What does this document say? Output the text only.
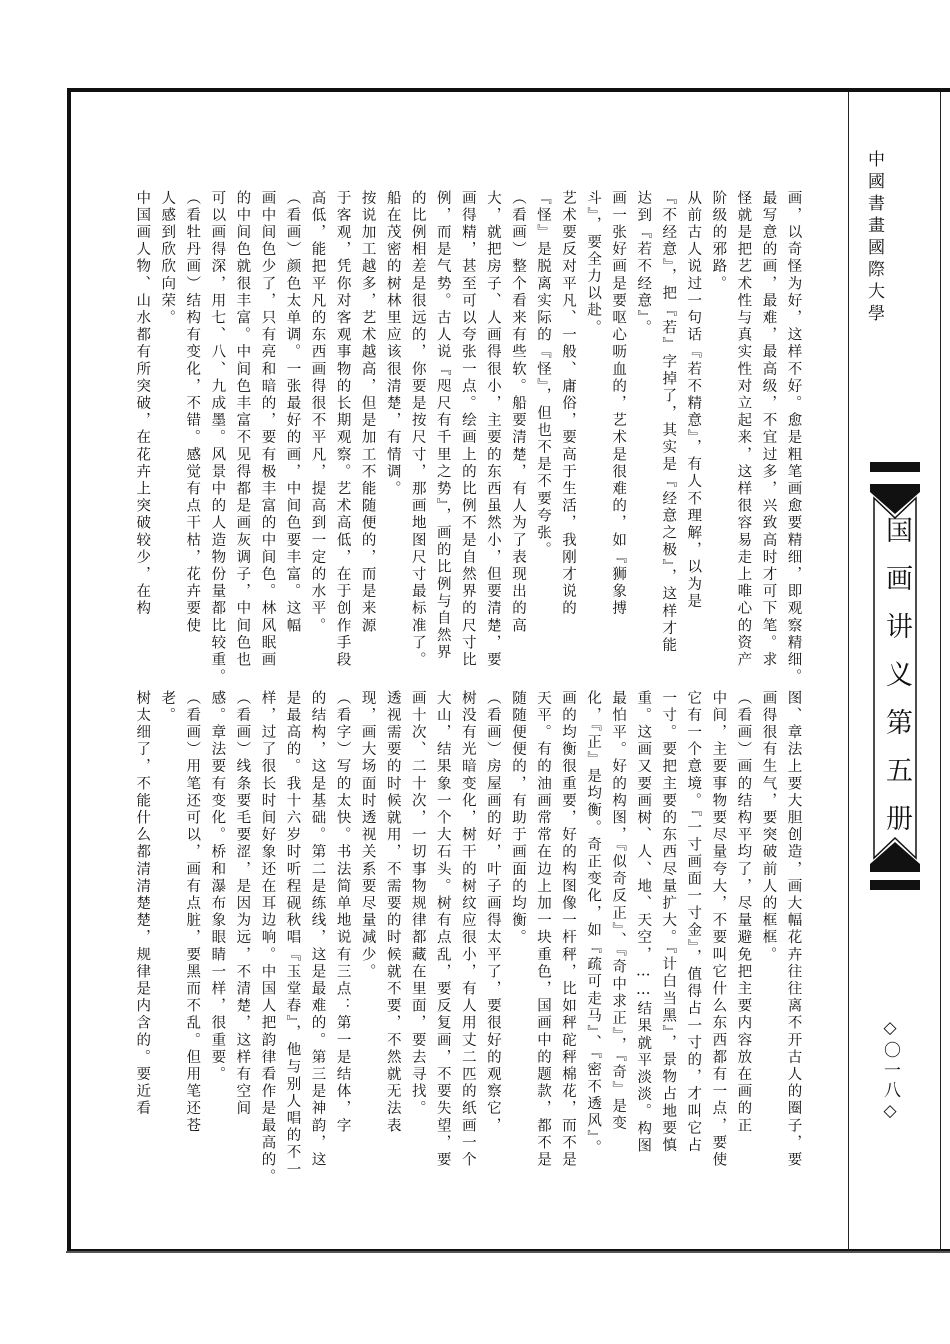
中國書畫國際大學
国画讲义第五册
◇〇一八◇
画，以奇怪为好，这样不好。愈是粗笔画愈要精细，即观察精细。
最写意的画，最难，最高级，不宜过多，兴致高时才可下笔。求
怪就是把艺术性与真实性对立起来，这样很容易走上唯心的资产
阶级的邪路。
从前古人说过一句话『若不精意』，有人不理解，以为是
『不经意』，把『若』字掉了，其实是『经意之极』，这样才能
达到『若不经意』。
画一张好画是要呕心呖血的，艺术是很难的，如『狮象搏
斗』，要全力以赴。
艺术要反对平凡、一般、庸俗，要高于生活，我刚才说的
『怪』是脱离实际的『怪』，但也不是不要夸张。
（看画）整个看来有些软。船要清楚，有人为了表现出的高
大，就把房子、人画得很小，主要的东西虽然小，但要清楚，要
画得精，甚至可以夸张一点。绘画上的比例不是自然界的尺寸比
例，而是气势。古人说『咫尺有千里之势』，画的比例与自然界
的比例相差是很远的，你要是按尺寸，那画地图尺寸最标准了。
船在茂密的树林里应该很清楚，有情调。
按说加工越多，艺术越高，但是加工不能随便的，而是来源
于客观，凭你对客观事物的长期观察。艺术高低，在于创作手段
高低，能把平凡的东西画得很不平凡，提高到一定的水平。
（看画）颜色太单调。一张最好的画，中间色要丰富。这幅
画中间色少了，只有亮和暗的，要有极丰富的中间色。林风眠画
的中间色就很丰富。中间色丰富不见得都是画灰调子，中间色也
可以画得深，用七、八、九成墨。风景中的人造物份量都比较重。
（看牡丹画）结构有变化，不错。感觉有点干枯，花卉要使
人感到欣欣向荣。
中国画人物、山水都有所突破，在花卉上突破较少，在构
图、章法上要大胆创造，画大幅花卉往往离不开古人的圈子，要
画得很有生气，要突破前人的框框。
（看画）画的结构平均了，尽量避免把主要内容放在画的正
中间，主要事物要尽量夸大，不要叫它什么东西都有一点，要使
它有一个意境。『一寸画面一寸金』，值得占一寸的，才叫它占
一寸。要把主要的东西尽量扩大。『计白当黑』，景物占地要慎
重。这画又要画树、人、地、天空，……结果就平淡淡。构图
最怕平。好的构图，『似奇反正』、『奇中求正』，『奇』是变
化，『正』是均衡。奇正变化，如『疏可走马』、『密不透风』。
画的均衡很重要，好的构图像一杆秤，比如秤砣秤棉花，而不是
天平。有的油画常常在边上加一块重色，国画中的题款，都不是
随随便便的，有助于画面的均衡。
（看画）房屋画的好，叶子画得太平了，要很好的观察它，
树没有光暗变化，树干的树纹应很小，有人用丈二匹的纸画一个
大山，结果象一个大石头。树有点乱，要反复画，不要失望，要
画十次、二十次，一切事物规律都藏在里面，要去寻找。
透视需要的时候就用，不需要的时候就不要，不然就无法表
现，画大场面时透视关系要尽量减少。
（看字）写的太快。书法简单地说有三点：第一是结体，字
的结构，这是基础。第二是练线，这是最难的。第三是神韵，这
是最高的。我十六岁时听程砚秋唱『玉堂春』，他与别人唱的不一
样，过了很长时间好象还在耳边响。中国人把韵律看作是最高的。
（看画）线条要毛要涩，是因为远，不清楚，这样有空间
感。章法要有变化。桥和瀑布象眼睛一样，很重要。
（看画）用笔还可以，画有点脏，要黑而不乱。但用笔还苍
老。
树太细了，不能什么都清清楚楚，规律是内含的。要近看
